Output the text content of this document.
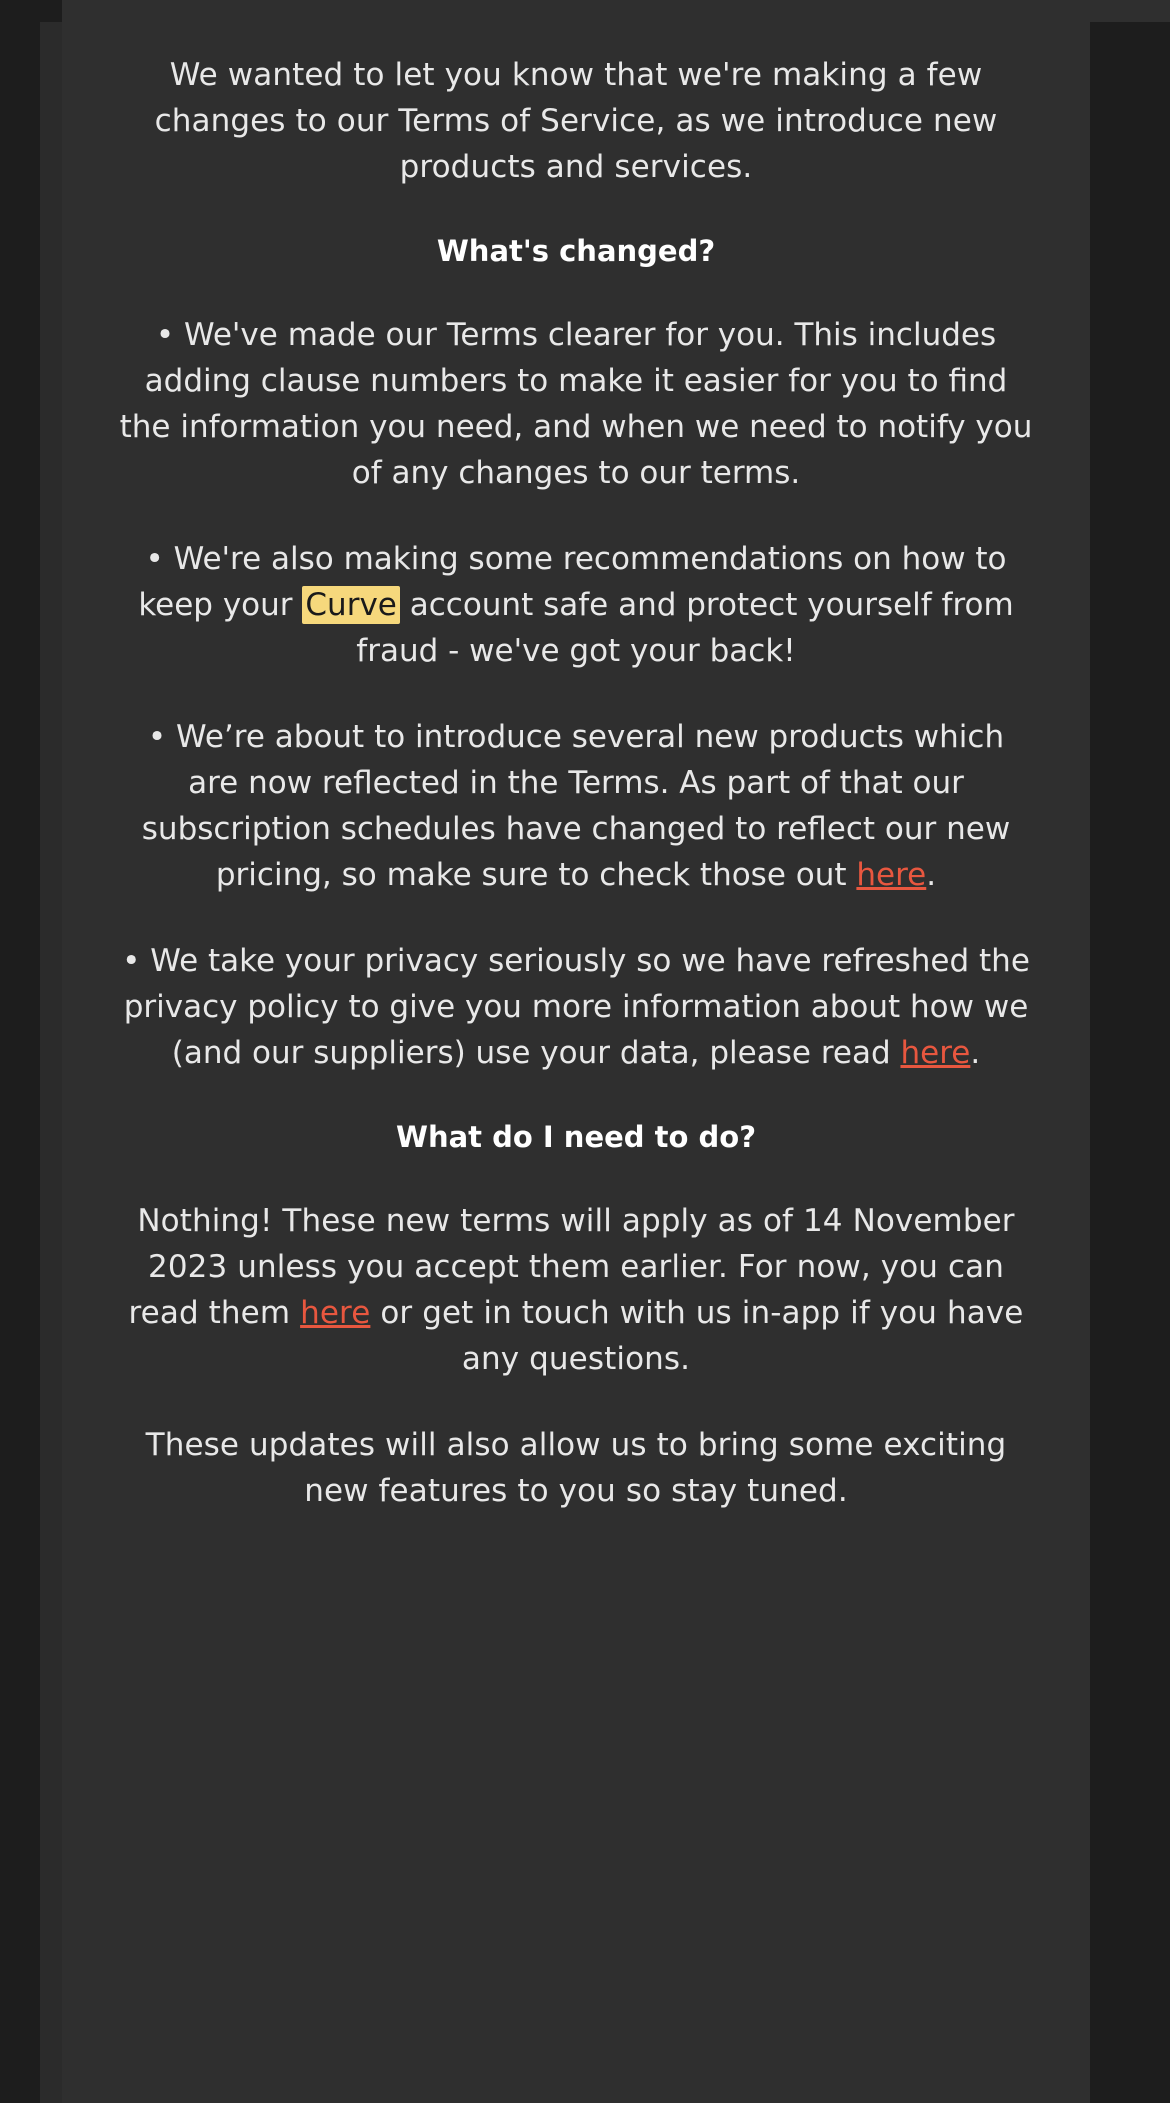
We wanted to let you know that we're making a few changes to our Terms of Service, as we introduce new products and services.

What's changed?

• We've made our Terms clearer for you. This includes adding clause numbers to make it easier for you to find the information you need, and when we need to notify you of any changes to our terms.

• We're also making some recommendations on how to keep your Curve account safe and protect yourself from fraud - we've got your back!

• We’re about to introduce several new products which are now reflected in the Terms. As part of that our subscription schedules have changed to reflect our new pricing, so make sure to check those out here.

• We take your privacy seriously so we have refreshed the privacy policy to give you more information about how we (and our suppliers) use your data, please read here.

What do I need to do?

Nothing! These new terms will apply as of 14 November 2023 unless you accept them earlier. For now, you can read them here or get in touch with us in-app if you have any questions.

These updates will also allow us to bring some exciting new features to you so stay tuned.
